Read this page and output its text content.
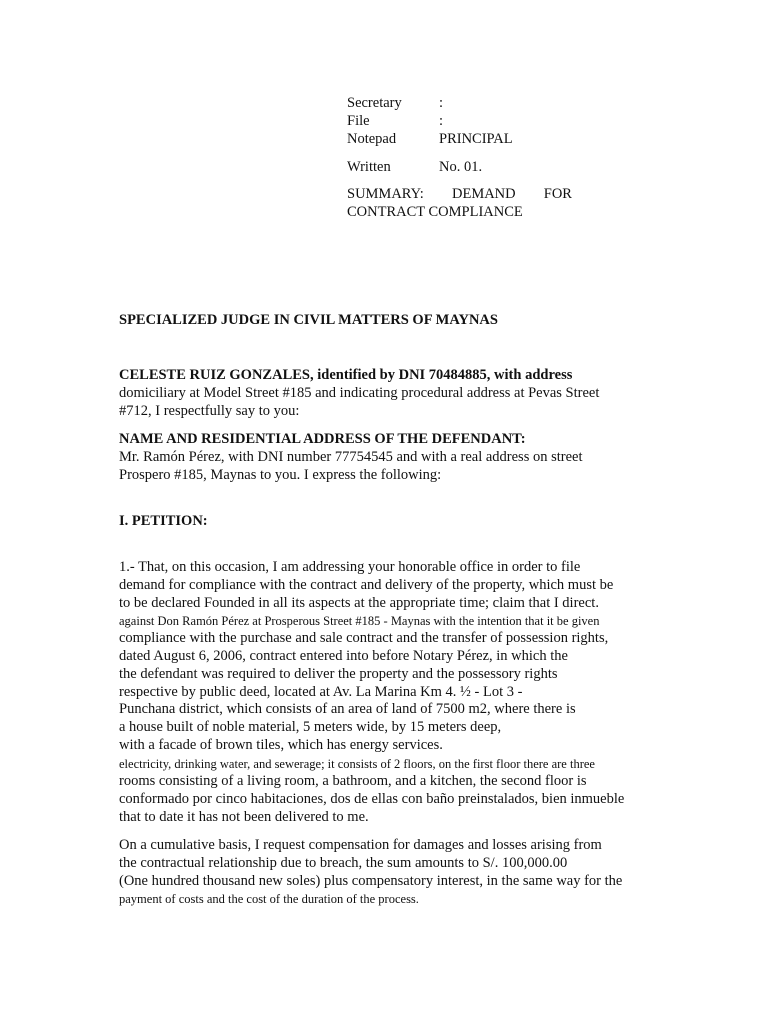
Secretary	:
File	:
Notepad	PRINCIPAL
Written	No. 01.
SUMMARY: DEMAND FOR
CONTRACT COMPLIANCE
SPECIALIZED JUDGE IN CIVIL MATTERS OF MAYNAS
CELESTE RUIZ GONZALES, identified by DNI 70484885, with address
domiciliary at Model Street #185 and indicating procedural address at Pevas Street
#712, I respectfully say to you:
NAME AND RESIDENTIAL ADDRESS OF THE DEFENDANT:
Mr. Ramón Pérez, with DNI number 77754545 and with a real address on street
Prospero #185, Maynas to you. I express the following:
I. PETITION:
1.- That, on this occasion, I am addressing your honorable office in order to file
demand for compliance with the contract and delivery of the property, which must be
to be declared Founded in all its aspects at the appropriate time; claim that I direct.
against Don Ramón Pérez at Prosperous Street #185 - Maynas with the intention that it be given
compliance with the purchase and sale contract and the transfer of possession rights,
dated August 6, 2006, contract entered into before Notary Pérez, in which the
the defendant was required to deliver the property and the possessory rights
respective by public deed, located at Av. La Marina Km 4. ½ - Lot 3 -
Punchana district, which consists of an area of land of 7500 m2, where there is
a house built of noble material, 5 meters wide, by 15 meters deep,
with a facade of brown tiles, which has energy services.
electricity, drinking water, and sewerage; it consists of 2 floors, on the first floor there are three
rooms consisting of a living room, a bathroom, and a kitchen, the second floor is
conformado por cinco habitaciones, dos de ellas con baño preinstalados, bien inmueble
that to date it has not been delivered to me.
On a cumulative basis, I request compensation for damages and losses arising from
the contractual relationship due to breach, the sum amounts to S/. 100,000.00
(One hundred thousand new soles) plus compensatory interest, in the same way for the
payment of costs and the cost of the duration of the process.
